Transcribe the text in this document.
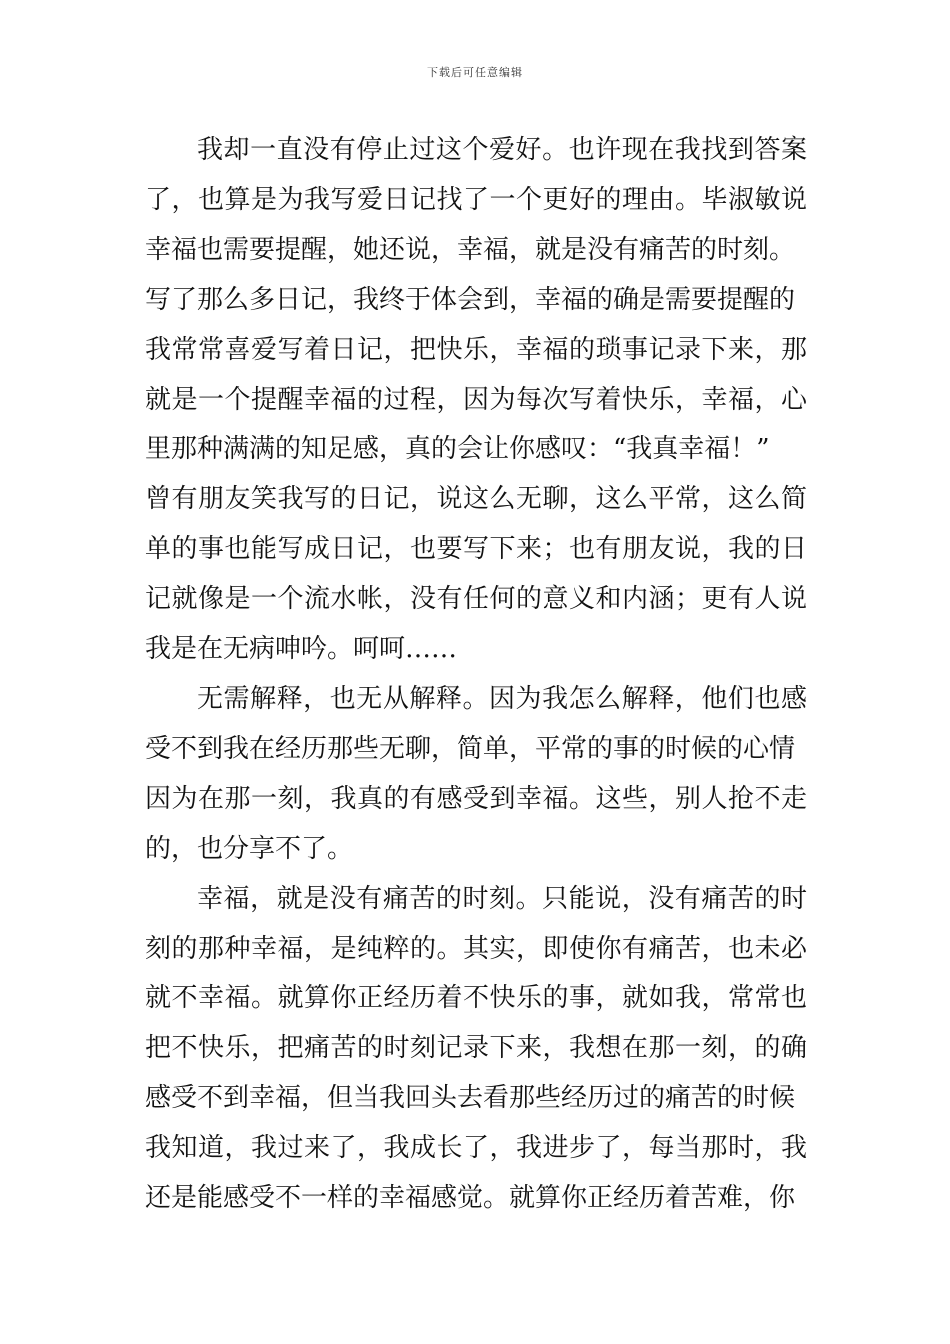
下载后可任意编辑

我却一直没有停止过这个爱好。也许现在我找到答案了，也算是为我写爱日记找了一个更好的理由。毕淑敏说幸福也需要提醒，她还说，幸福，就是没有痛苦的时刻。

写了那么多日记，我终于体会到，幸福的确是需要提醒的

我常常喜爱写着日记，把快乐，幸福的琐事记录下来，那就是一个提醒幸福的过程，因为每次写着快乐，幸福，心里那种满满的知足感，真的会让你感叹：“我真幸福！”

曾有朋友笑我写的日记，说这么无聊，这么平常，这么简单的事也能写成日记，也要写下来；也有朋友说，我的日记就像是一个流水帐，没有任何的意义和内涵；更有人说我是在无病呻吟。呵呵……

无需解释，也无从解释。因为我怎么解释，他们也感受不到我在经历那些无聊，简单，平常的事的时候的心情

因为在那一刻，我真的有感受到幸福。这些，别人抢不走的，也分享不了。

幸福，就是没有痛苦的时刻。只能说，没有痛苦的时刻的那种幸福，是纯粹的。其实，即使你有痛苦，也未必就不幸福。就算你正经历着不快乐的事，就如我，常常也把不快乐，把痛苦的时刻记录下来，我想在那一刻，的确感受不到幸福，但当我回头去看那些经历过的痛苦的时候

我知道，我过来了，我成长了，我进步了，每当那时，我还是能感受不一样的幸福感觉。就算你正经历着苦难，你
